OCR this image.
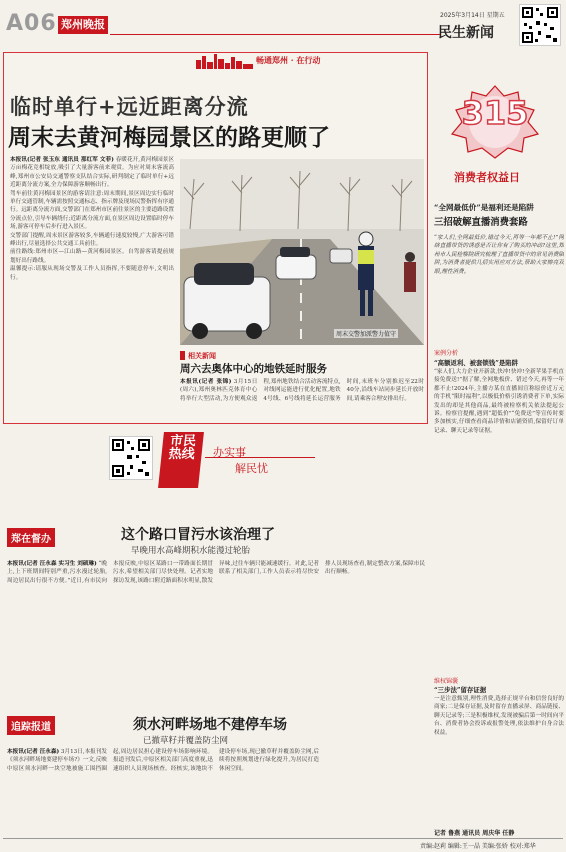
A06 郑州晚报
2025年3月14日 星期五
民生新闻
畅通郑州 · 在行动
临时单行+远近距离分流
周末去黄河梅园景区的路更顺了
本报讯(记者 张玉东 通讯员 那红军 文菲) 春暖花开,黄河梅园景区万亩梅花竞相绽放,吸引了大量游客前来观赏。为应对周末客流高峰,郑州市公安局交通警察支队结合实际,研判制定了临时单行+远近距离分流方案,全力保障游客顺畅出行。
驾车前往黄河梅园景区的游客请注意:周末期间,景区周边实行临时单行交通管制,车辆需按照交通标志、指示牌及现场民警指挥有序通行。远距离分流方面,交警部门在郑州市区前往景区的主要道路设置分流点位,引导车辆绕行;近距离分流方面,在景区周边设置临时停车场,游客可停车后步行进入景区。
交警部门提醒,周末景区游客较多,车辆通行速度较慢,广大游客可错峰出行,尽量选择公共交通工具前往。
前往路线:郑州市区—江山路—黄河梅园景区。自驾游客请提前规划好出行路线。
温馨提示:请服从现场交警及工作人员指挥,不要随意停车,文明出行。
周末交警加派警力值守
相关新闻
周六去奥体中心的地铁延时服务
本报讯(记者 张锦) 3月15日(周六),郑州奥林匹克体育中心将举行大型活动,为方便观众返程,郑州地铁结合活动客流特点,对线网运能进行优化配置,地铁4号线、6号线将延长运营服务时间,末班车分别推迟至22时40分,沿线车站同步延长开放时间,请乘客合理安排出行。
315
消费者权益日
“全网最低价”是福利还是陷阱
三招破解直播消费套路
“家人们,全网最低价,错过今天,再等一年都不止!”网络直播带货的诱惑是否让你有了购买的冲动?这里,郑州市人民检察院研究梳理了直播带货中的常见消费陷阱,为消费者提供几招实用应对方法,帮助大家擦亮双眼,理性消费。
案例分析
“高额返利、被套锁钱”是陷阱
“家人们,大力企业开新款,快冲!快冲!全新苹果手机直接免费送!”据了解,全网地板价、错过今天,再等一年都不止!2024年,主播方某在直播间宣称原价近万元的手机“限时福利”,以极低价格引诱消费者下单,实际发出的却是其他商品,最终被检察机关依法提起公诉。检察官提醒,遇到“超低价”“免费送”等宣传时要多加核实,仔细查看商品详情和店铺资质,保留好订单记录、聊天记录等证据。
维权锦囊
“三步法”留存证据
一是注意甄别,理性消费,选择正规平台和信誉良好的商家;二是保存证据,及时留存直播录屏、商品链接、聊天记录等;三是积极维权,发现被骗后第一时间向平台、消费者协会投诉或报警处理,依法维护自身合法权益。
记者 鲁燕 通讯员 周庆华 任静
市民热线 办实事
解民忧
郑在督办	这个路口冒污水该治理了
早晚用水高峰期积水能漫过轮胎
本报讯(记者 汪永森 实习生 刘硕琳) “晚上,上下班期间特别严重,污水漫过轮胎,周边居民出行很不方便。”近日,有市民向本报反映,中原区某路口一带路面长期冒污水,希望相关部门尽快处理。记者实地探访发现,该路口附近路面积水明显,散发异味,过往车辆只能减速缓行。对此,记者联系了相关部门,工作人员表示将尽快安排人员现场查看,制定整改方案,保障市民出行顺畅。
追踪报道	须水河畔场地不建停车场
已撤草籽并覆盖防尘网
本报讯(记者 汪永森) 3月13日,本报刊发《须水河畔场地要建停车场?》一文,反映中原区须水河畔一块空地被施工围挡圈起,周边居民担心建设停车场影响环境。报道刊发后,中原区相关部门高度重视,迅速组织人员现场核查。经核实,该地块不建设停车场,现已撤草籽并覆盖防尘网,后续将按照规划进行绿化提升,为居民打造休闲空间。
责编:赵莉 编辑:王一晶 美编:张娇 校对:郑华
